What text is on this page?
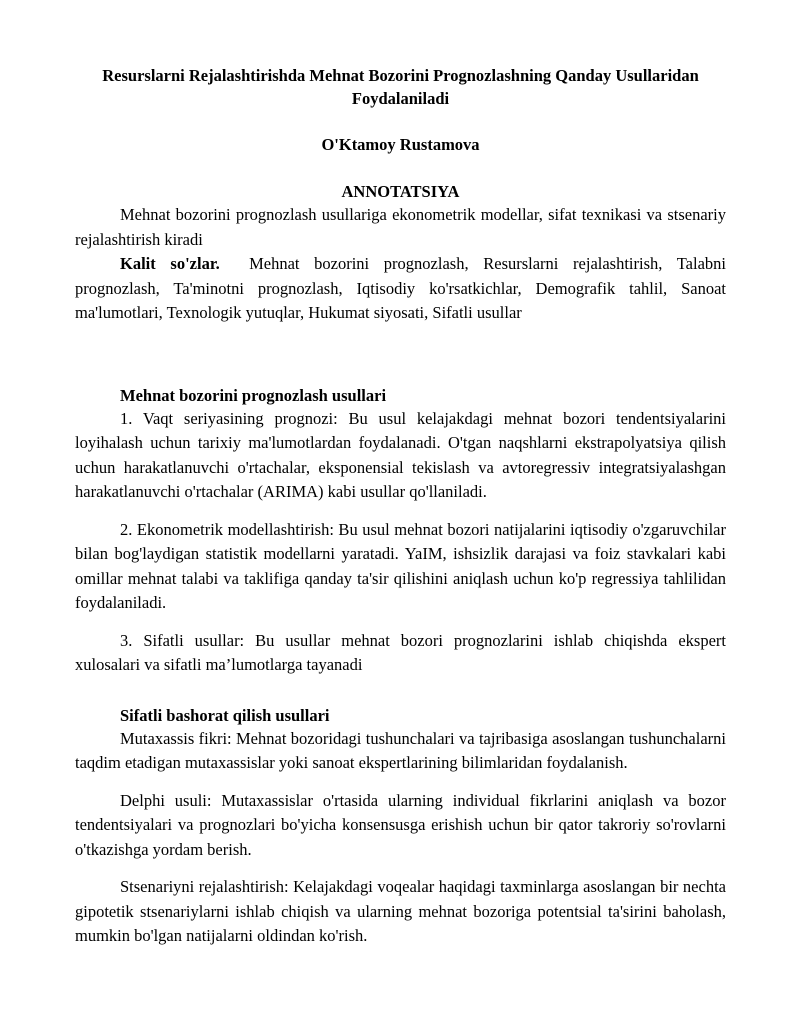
Resurslarni Rejalashtirishda Mehnat Bozorini Prognozlashning Qanday Usullaridan Foydalaniladi
O'Ktamoy Rustamova
ANNOTATSIYA

Mehnat bozorini prognozlash usullariga ekonometrik modellar, sifat texnikasi va stsenariy rejalashtirish kiradi

Kalit so'zlar. Mehnat bozorini prognozlash, Resurslarni rejalashtirish, Talabni prognozlash, Ta'minotni prognozlash, Iqtisodiy ko'rsatkichlar, Demografik tahlil, Sanoat ma'lumotlari, Texnologik yutuqlar, Hukumat siyosati, Sifatli usullar

Mehnat bozorini prognozlash usullari

1. Vaqt seriyasining prognozi: Bu usul kelajakdagi mehnat bozori tendentsiyalarini loyihalash uchun tarixiy ma'lumotlardan foydalanadi. O'tgan naqshlarni ekstrapolyatsiya qilish uchun harakatlanuvchi o'rtachalar, eksponensial tekislash va avtoregressiv integratsiyalashgan harakatlanuvchi o'rtachalar (ARIMA) kabi usullar qo'llaniladi.

2. Ekonometrik modellashtirish: Bu usul mehnat bozori natijalarini iqtisodiy o'zgaruvchilar bilan bog'laydigan statistik modellarni yaratadi. YaIM, ishsizlik darajasi va foiz stavkalari kabi omillar mehnat talabi va taklifiga qanday ta'sir qilishini aniqlash uchun ko'p regressiya tahlilidan foydalaniladi.

3. Sifatli usullar: Bu usullar mehnat bozori prognozlarini ishlab chiqishda ekspert xulosalari va sifatli ma’lumotlarga tayanadi

Sifatli bashorat qilish usullari

Mutaxassis fikri: Mehnat bozoridagi tushunchalari va tajribasiga asoslangan tushunchalarni taqdim etadigan mutaxassislar yoki sanoat ekspertlarining bilimlaridan foydalanish.

Delphi usuli: Mutaxassislar o'rtasida ularning individual fikrlarini aniqlash va bozor tendentsiyalari va prognozlari bo'yicha konsensusga erishish uchun bir qator takroriy so'rovlarni o'tkazishga yordam berish.

Stsenariyni rejalashtirish: Kelajakdagi voqealar haqidagi taxminlarga asoslangan bir nechta gipotetik stsenariylarni ishlab chiqish va ularning mehnat bozoriga potentsial ta'sirini baholash, mumkin bo'lgan natijalarni oldindan ko'rish.
